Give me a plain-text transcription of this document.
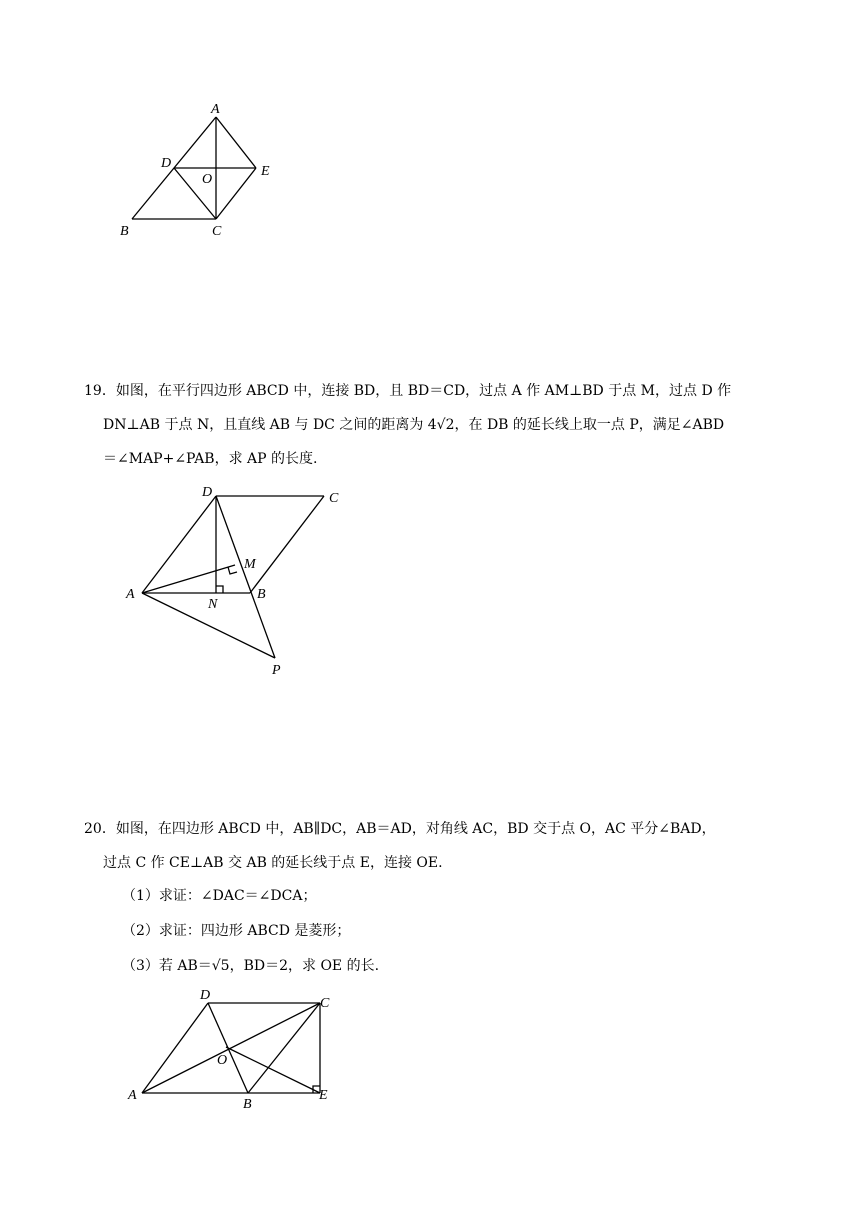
A
D
E
O
B	C
19．如图，在平行四边形 ABCD 中，连接 BD，且 BD＝CD，过点 A 作 AM⊥BD 于点 M，过点 D 作
DN⊥AB 于点 N，且直线 AB 与 DC 之间的距离为 4√2，在 DB 的延长线上取一点 P，满足∠ABD
＝∠MAP+∠PAB，求 AP 的长度.
D	C
M
A
N
B
P
20．如图，在四边形 ABCD 中，AB∥DC，AB＝AD，对角线 AC，BD 交于点 O，AC 平分∠BAD，
过点 C 作 CE⊥AB 交 AB 的延长线于点 E，连接 OE.
（1）求证：∠DAC＝∠DCA；
（2）求证：四边形 ABCD 是菱形；
（3）若 AB＝√5，BD＝2，求 OE 的长.
D
C
O
A
B
E
